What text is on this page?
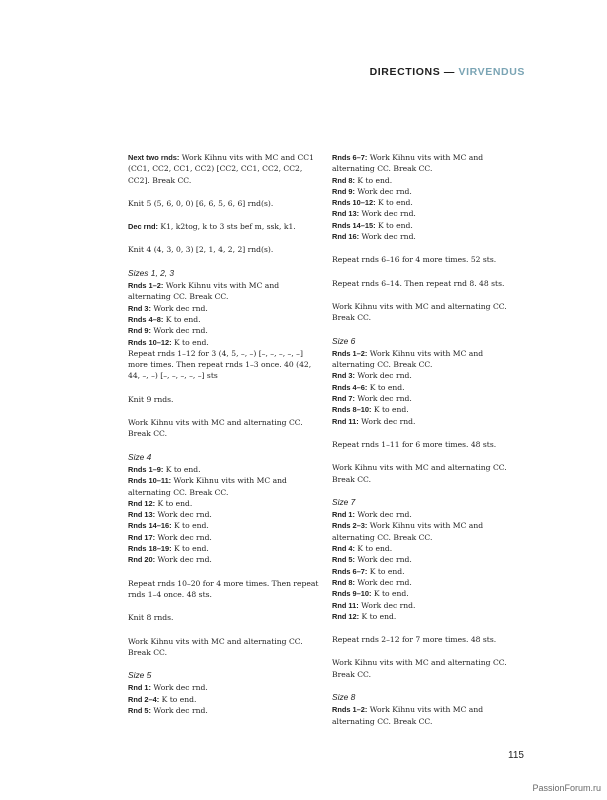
DIRECTIONS — VIRVENDUS

Next two rnds: Work Kihnu vits with MC and CC1 (CC1, CC2, CC1, CC2) [CC2, CC1, CC2, CC2, CC2]. Break CC.

Knit 5 (5, 6, 0, 0) [6, 6, 5, 6, 6] rnd(s).

Dec rnd: K1, k2tog, k to 3 sts bef m, ssk, k1.

Knit 4 (4, 3, 0, 3) [2, 1, 4, 2, 2] rnd(s).

Sizes 1, 2, 3
Rnds 1–2: Work Kihnu vits with MC and alternating CC. Break CC.
Rnd 3: Work dec rnd.
Rnds 4–8: K to end.
Rnd 9: Work dec rnd.
Rnds 10–12: K to end.
Repeat rnds 1–12 for 3 (4, 5, –, –) [–, –, –, –, –] more times. Then repeat rnds 1–3 once. 40 (42, 44, –, –) [–, –, –, –, –] sts

Knit 9 rnds.

Work Kihnu vits with MC and alternating CC. Break CC.

Size 4
Rnds 1–9: K to end.
Rnds 10–11: Work Kihnu vits with MC and alternating CC. Break CC.
Rnd 12: K to end.
Rnd 13: Work dec rnd.
Rnds 14–16: K to end.
Rnd 17: Work dec rnd.
Rnds 18–19: K to end.
Rnd 20: Work dec rnd.

Repeat rnds 10–20 for 4 more times. Then repeat rnds 1–4 once. 48 sts.

Knit 8 rnds.

Work Kihnu vits with MC and alternating CC. Break CC.

Size 5
Rnd 1: Work dec rnd.
Rnd 2–4: K to end.
Rnd 5: Work dec rnd.
Rnds 6–7: Work Kihnu vits with MC and alternating CC. Break CC.
Rnd 8: K to end.
Rnd 9: Work dec rnd.
Rnds 10–12: K to end.
Rnd 13: Work dec rnd.
Rnds 14–15: K to end.
Rnd 16: Work dec rnd.

Repeat rnds 6–16 for 4 more times. 52 sts.

Repeat rnds 6–14. Then repeat rnd 8. 48 sts.

Work Kihnu vits with MC and alternating CC. Break CC.

Size 6
Rnds 1–2: Work Kihnu vits with MC and alternating CC. Break CC.
Rnd 3: Work dec rnd.
Rnds 4–6: K to end.
Rnd 7: Work dec rnd.
Rnds 8–10: K to end.
Rnd 11: Work dec rnd.

Repeat rnds 1–11 for 6 more times. 48 sts.

Work Kihnu vits with MC and alternating CC. Break CC.

Size 7
Rnd 1: Work dec rnd.
Rnds 2–3: Work Kihnu vits with MC and alternating CC. Break CC.
Rnd 4: K to end.
Rnd 5: Work dec rnd.
Rnds 6–7: K to end.
Rnd 8: Work dec rnd.
Rnds 9–10: K to end.
Rnd 11: Work dec rnd.
Rnd 12: K to end.

Repeat rnds 2–12 for 7 more times. 48 sts.

Work Kihnu vits with MC and alternating CC. Break CC.

Size 8
Rnds 1–2: Work Kihnu vits with MC and alternating CC. Break CC.
115
PassionForum.ru
